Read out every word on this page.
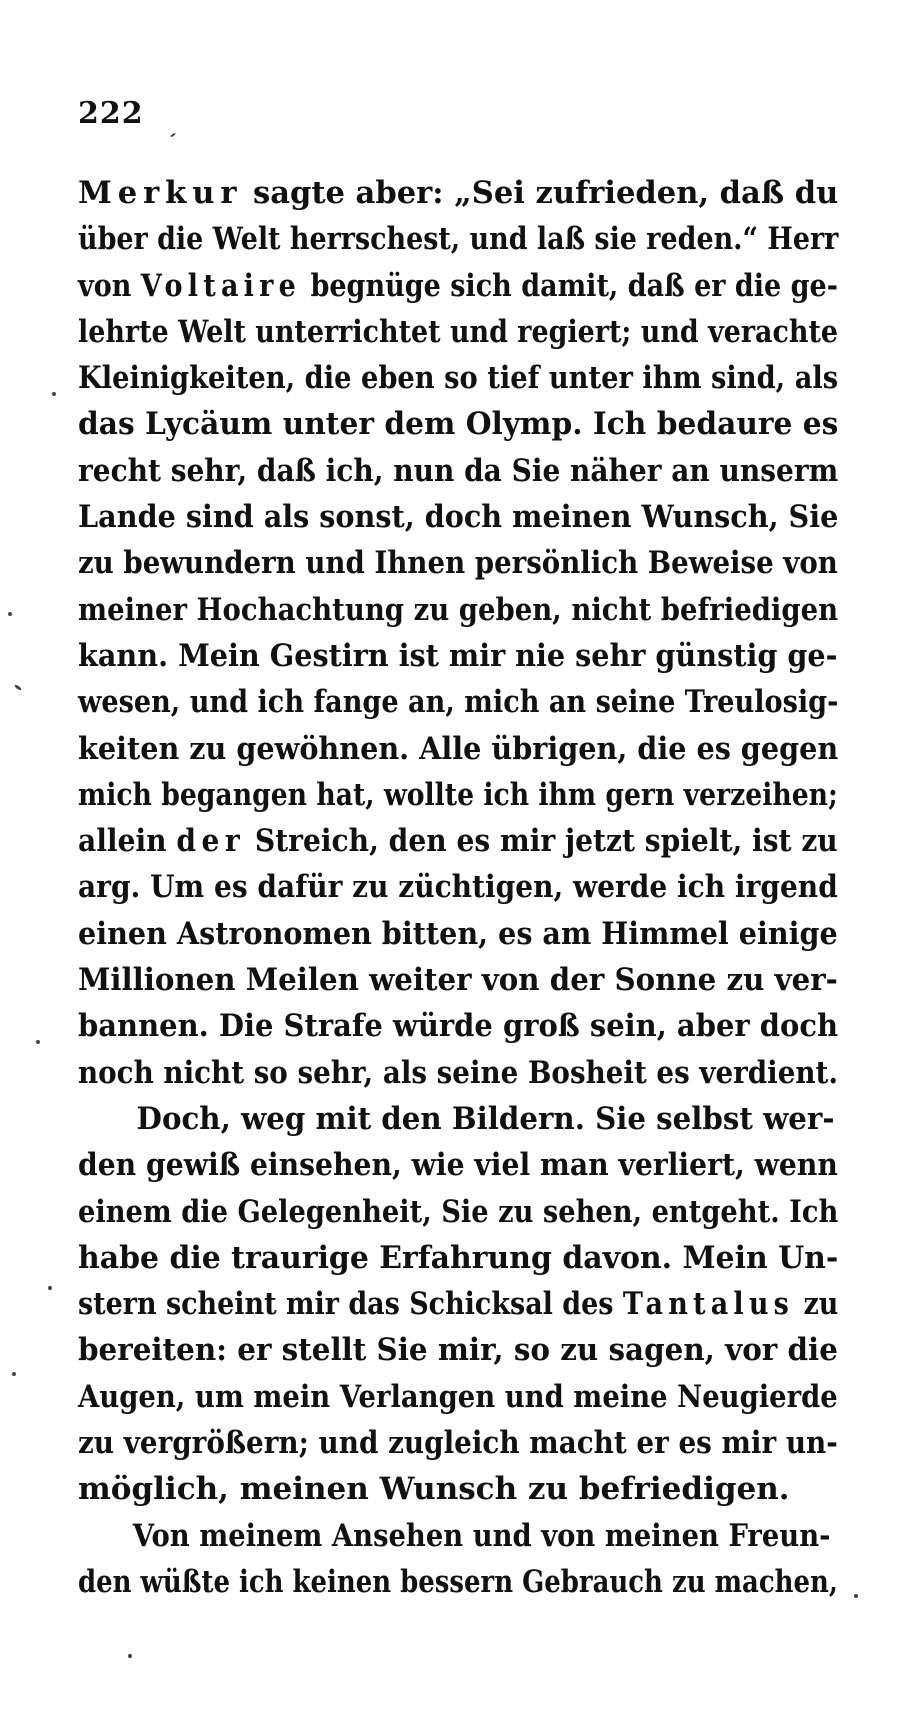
222
Merkur sagte aber: „Sei zufrieden, daß du
über die Welt herrschest, und laß sie reden.“ Herr
von Voltaire begnüge sich damit, daß er die ge-
lehrte Welt unterrichtet und regiert; und verachte
Kleinigkeiten, die eben so tief unter ihm sind, als
das Lycäum unter dem Olymp. Ich bedaure es
recht sehr, daß ich, nun da Sie näher an unserm
Lande sind als sonst, doch meinen Wunsch, Sie
zu bewundern und Ihnen persönlich Beweise von
meiner Hochachtung zu geben, nicht befriedigen
kann. Mein Gestirn ist mir nie sehr günstig ge-
wesen, und ich fange an, mich an seine Treulosig-
keiten zu gewöhnen. Alle übrigen, die es gegen
mich begangen hat, wollte ich ihm gern verzeihen;
allein der Streich, den es mir jetzt spielt, ist zu
arg. Um es dafür zu züchtigen, werde ich irgend
einen Astronomen bitten, es am Himmel einige
Millionen Meilen weiter von der Sonne zu ver-
bannen. Die Strafe würde groß sein, aber doch
noch nicht so sehr, als seine Bosheit es verdient.
Doch, weg mit den Bildern. Sie selbst wer-
den gewiß einsehen, wie viel man verliert, wenn
einem die Gelegenheit, Sie zu sehen, entgeht. Ich
habe die traurige Erfahrung davon. Mein Un-
stern scheint mir das Schicksal des Tantalus zu
bereiten: er stellt Sie mir, so zu sagen, vor die
Augen, um mein Verlangen und meine Neugierde
zu vergrößern; und zugleich macht er es mir un-
möglich, meinen Wunsch zu befriedigen.
Von meinem Ansehen und von meinen Freun-
den wüßte ich keinen bessern Gebrauch zu machen,
